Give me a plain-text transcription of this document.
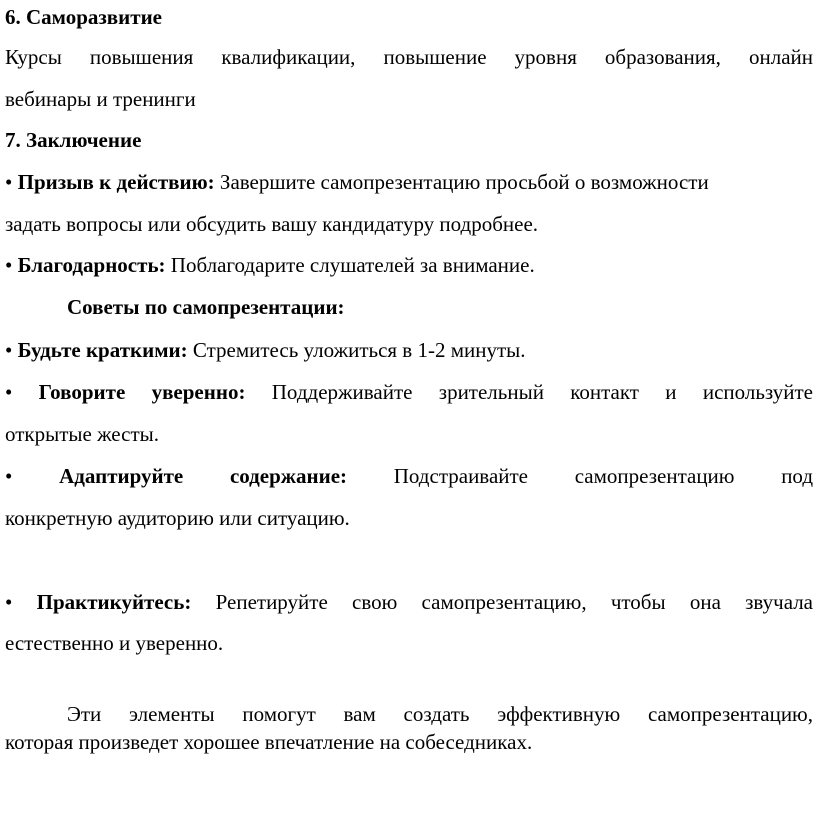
6. Саморазвитие
Курсы повышения квалификации, повышение уровня образования, онлайн
вебинары и тренинги
7. Заключение
• Призыв к действию: Завершите самопрезентацию просьбой о возможности
задать вопросы или обсудить вашу кандидатуру подробнее.
• Благодарность: Поблагодарите слушателей за внимание.
Советы по самопрезентации:
• Будьте краткими: Стремитесь уложиться в 1-2 минуты.
• Говорите уверенно: Поддерживайте зрительный контакт и используйте
открытые жесты.
• Адаптируйте содержание: Подстраивайте самопрезентацию под
конкретную аудиторию или ситуацию.
• Практикуйтесь: Репетируйте свою самопрезентацию, чтобы она звучала
естественно и уверенно.
Эти элементы помогут вам создать эффективную самопрезентацию,
которая произведет хорошее впечатление на собеседниках.
